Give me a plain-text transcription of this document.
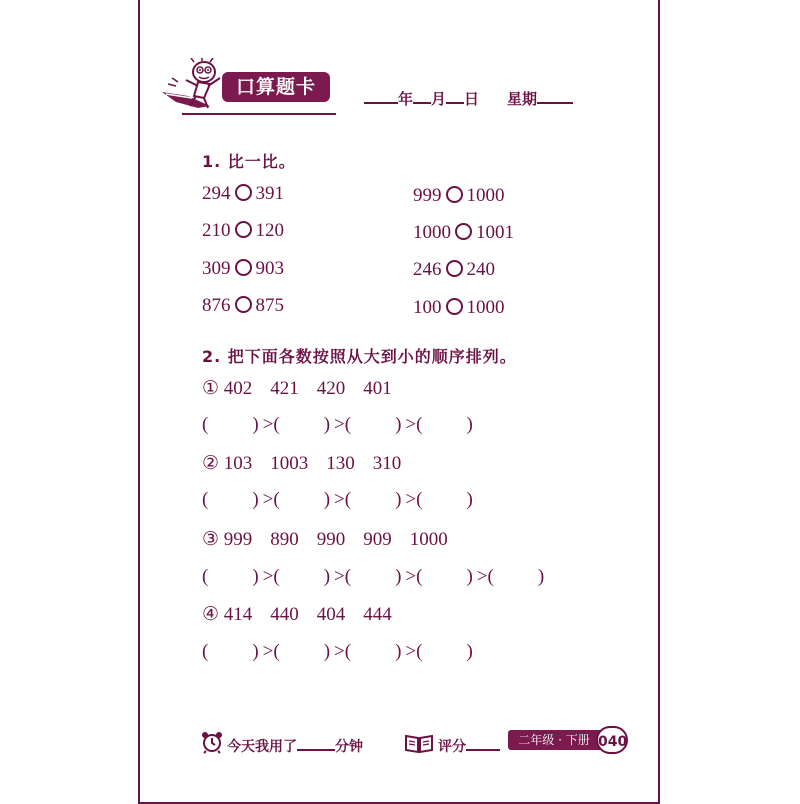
口算题卡
年 月 日 星期
1. 比一比。
294 391
210 120
309 903
876 875
999 1000
1000 1001
246 240
100 1000
2. 把下面各数按照从大到小的顺序排列。
① 402 421 420 401
( ) >( ) >( ) >( )
② 103 1003 130 310
( ) >( ) >( ) >( )
③ 999 890 990 909 1000
( ) >( ) >( ) >( ) >( )
④ 414 440 404 444
( ) >( ) >( ) >( )
今天我用了	分钟	评分	二年级 · 下册 040
